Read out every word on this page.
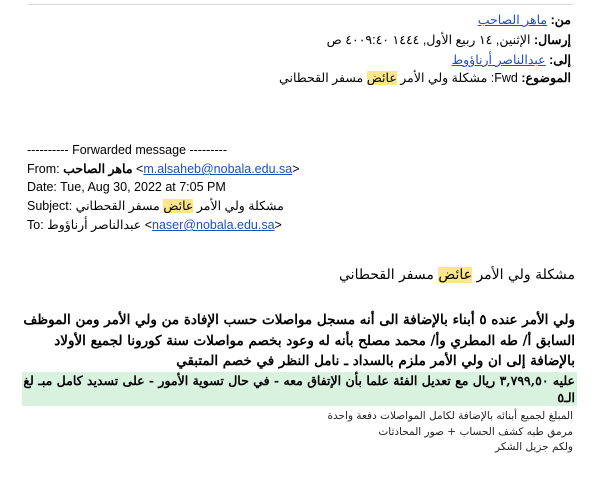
من: ماهر الصاحب
إرسال: الإثنين, ١٤ ربيع الأول, ١٤٤٤ ٤٠٠٩:٤٠ ص
إلى: عبدالناصر أرناؤوط
الموضوع: Fwd: مشكلة ولي الأمر عائض مسفر القحطاني
---------- Forwarded message ---------
From: ماهر الصاحب <m.alsaheb@nobala.edu.sa>
Date: Tue, Aug 30, 2022 at 7:05 PM
Subject:	مشكلة ولي الأمر عائض مسفر القحطاني
To: عبدالناصر أرناؤوط <naser@nobala.edu.sa>
مشكلة ولي الأمر عائض مسفر القحطاني
ولي الأمر عنده ٥ أبناء بالإضافة الى أنه مسجل مواصلات حسب الإفادة من ولي الأمر ومن الموظف السابق أ/ طه المطري وأ/ محمد مصلح بأنه له وعود بخصم مواصلات سنة كورونا لجميع الأولاد بالإضافة إلى ان ولي الأمر ملزم بالسداد ـ نامل النظر في خصم المتبقي
عليه ٣,٧٩٩,٥٠ ريال مع تعديل الفئة علما بأن الإتفاق معه - في حال تسوية الأمور - على تسديد كامل مبـ لغ الـ٥
المبلغ لجميع أبنائه بالإضافة لكامل المواصلات دفعة واحدة
مرمق طيه كشف الحساب + صور المحادثات
ولكم جزيل الشكر
